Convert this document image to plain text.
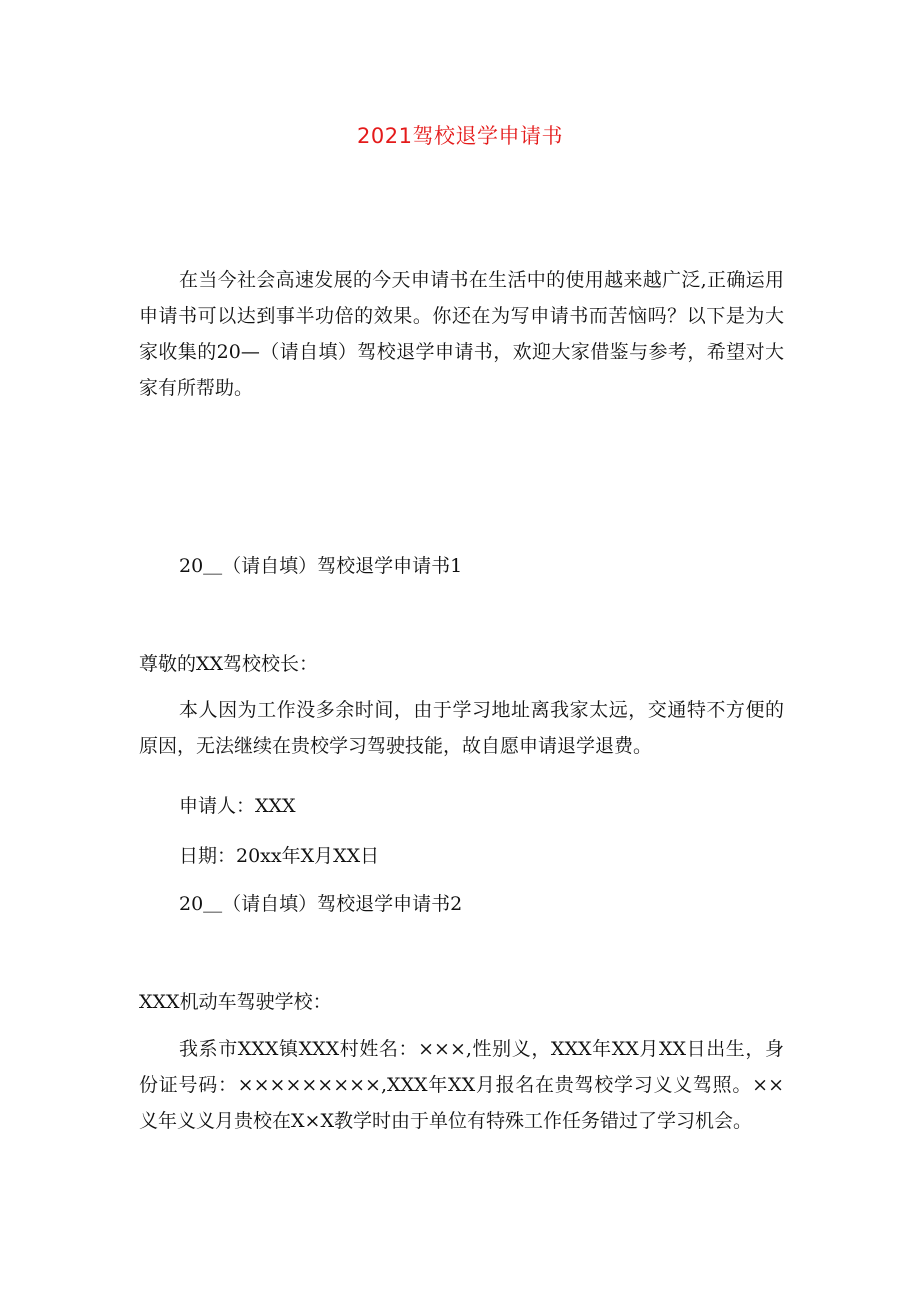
2021驾校退学申请书
在当今社会高速发展的今天申请书在生活中的使用越来越广泛,正确运用申请书可以达到事半功倍的效果。你还在为写申请书而苦恼吗？以下是为大家收集的20—（请自填）驾校退学申请书，欢迎大家借鉴与参考，希望对大家有所帮助。
20＿（请自填）驾校退学申请书1
尊敬的XX驾校校长：
本人因为工作没多余时间，由于学习地址离我家太远，交通特不方便的原因，无法继续在贵校学习驾驶技能，故自愿申请退学退费。
申请人：XXX
日期：20xx年X月XX日
20＿（请自填）驾校退学申请书2
XXX机动车驾驶学校：
我系市XXX镇XXX村姓名：×××,性别义，XXX年XX月XX日出生，身份证号码：×××××××××,XXX年XX月报名在贵驾校学习义义驾照。××义年义义月贵校在X×X教学时由于单位有特殊工作任务错过了学习机会。
